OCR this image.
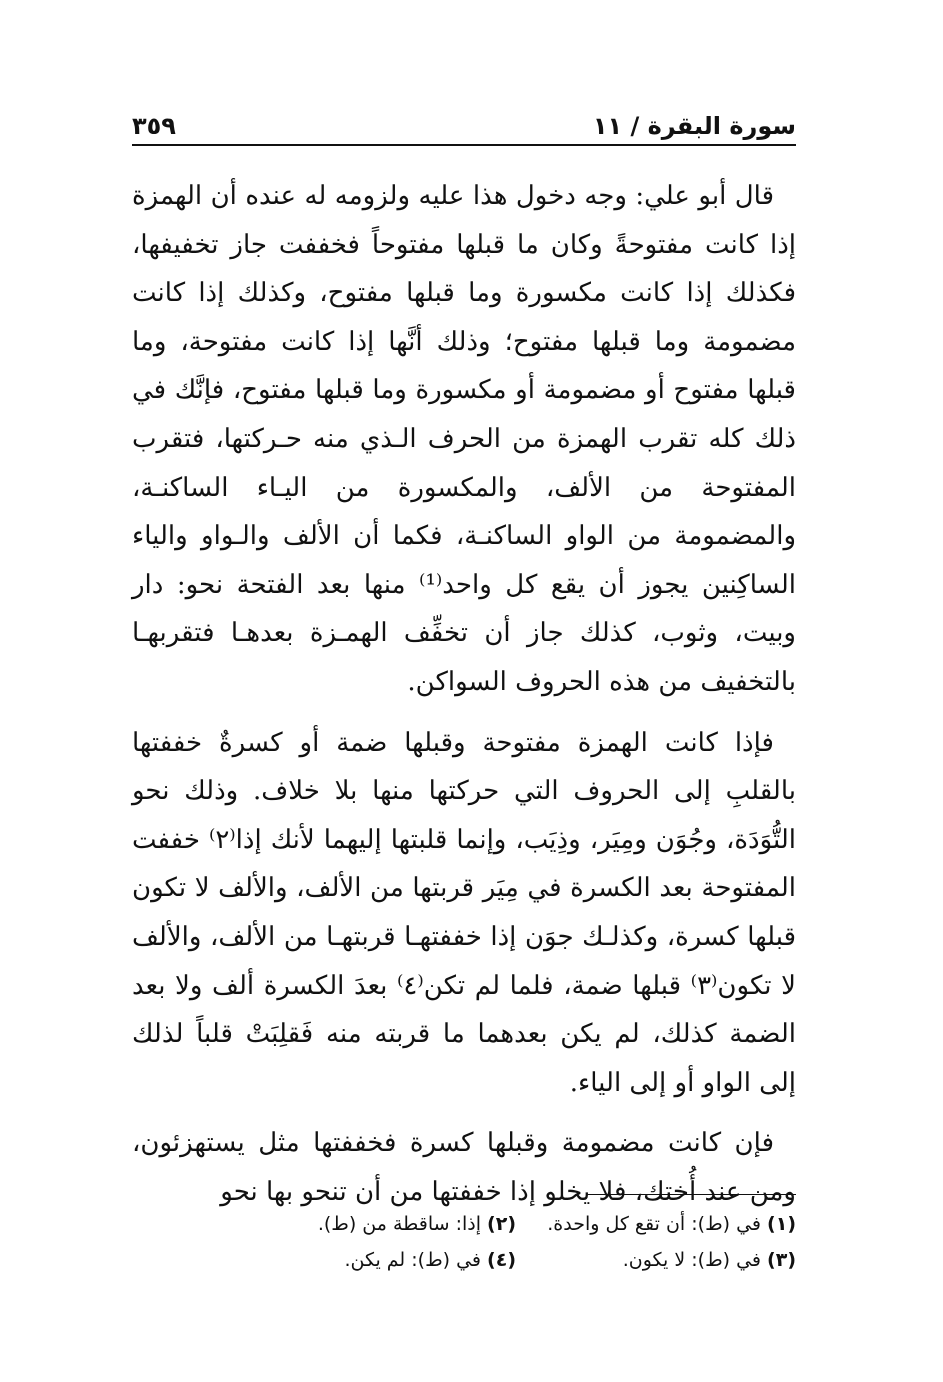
سورة البقرة / ١١
٣٥٩

قال أبو علي: وجه دخول هذا عليه ولزومه له عنده أن الهمزة إذا كانت مفتوحةً وكان ما قبلها مفتوحاً فخففت جاز تخفيفها، فكذلك إذا كانت مكسورة وما قبلها مفتوح، وكذلك إذا كانت مضمومة وما قبلها مفتوح؛ وذلك أنَّها إذا كانت مفتوحة، وما قبلها مفتوح أو مضمومة أو مكسورة وما قبلها مفتوح، فإنَّك في ذلك كله تقرب الهمزة من الحرف الـذي منه حـركتها، فتقرب المفتوحة من الألف، والمكسورة من اليـاء الساكنـة، والمضمومة من الواو الساكنـة، فكما أن الألف والـواو والياء الساكِنين يجوز أن يقع كل واحد⁽¹⁾ منها بعد الفتحة نحو: دار وبيت، وثوب، كذلك جاز أن تخفِّف الهمـزة بعدهـا فتقربهـا بالتخفيف من هذه الحروف السواكن.

فإذا كانت الهمزة مفتوحة وقبلها ضمة أو كسرةٌ خففتها بالقلبِ إلى الحروف التي حركتها منها بلا خلاف. وذلك نحو التُّوَدَة، وجُوَن ومِيَر، وذِيَب، وإنما قلبتها إليهما لأنك إذا⁽٢⁾ خففت المفتوحة بعد الكسرة في مِيَر قربتها من الألف، والألف لا تكون قبلها كسرة، وكذلـك جوَن إذا خففتهـا قربتهـا من الألف، والألف لا تكون⁽٣⁾ قبلها ضمة، فلما لم تكن⁽٤⁾ بعدَ الكسرة ألف ولا بعد الضمة كذلك، لم يكن بعدهما ما قربته منه فَقلِبَتْ قلباً لذلك إلى الواو أو إلى الياء.

فإن كانت مضمومة وقبلها كسرة فخففتها مثل يستهزئون، ومن عند أُختك، فلا يخلو إذا خففتها من أن تنحو بها نحو

(١)في (ط): أن تقع كل واحدة.
(٢)إذا: ساقطة من (ط).
(٣)في (ط): لا يكون.
(٤)في (ط): لم يكن.
